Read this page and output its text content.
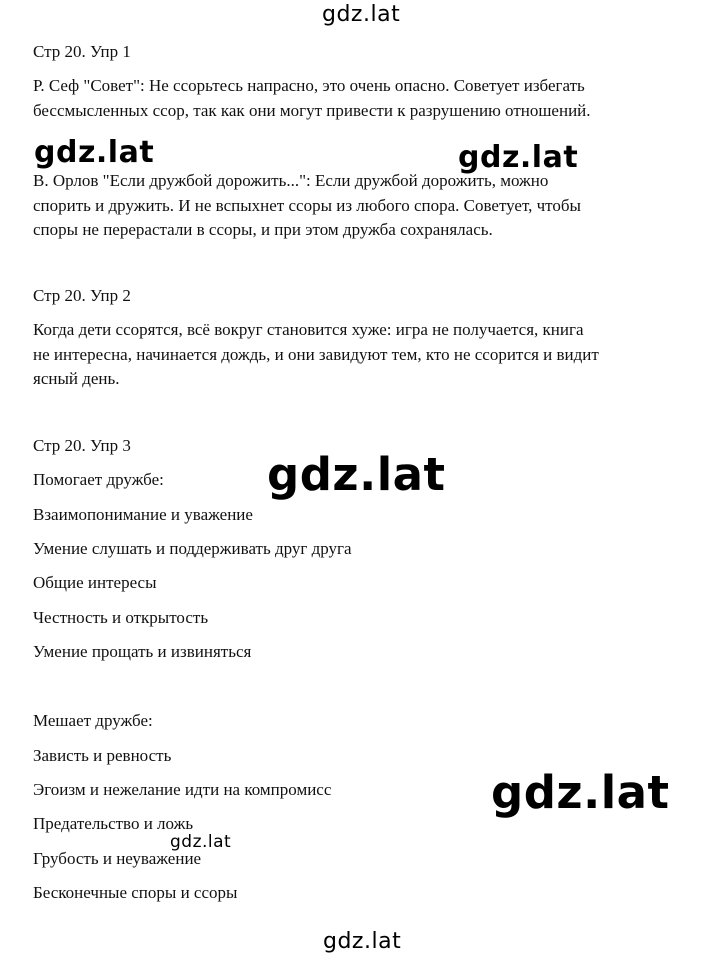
gdz.lat
Стр 20. Упр 1
Р. Сеф "Совет": Не ссорьтесь напрасно, это очень опасно. Советует избегать
бессмысленных ссор, так как они могут привести к разрушению отношений.
В. Орлов "Если дружбой дорожить...": Если дружбой дорожить, можно
спорить и дружить. И не вспыхнет ссоры из любого спора. Советует, чтобы
споры не перерастали в ссоры, и при этом дружба сохранялась.
gdz.lat	gdz.lat
Стр 20. Упр 2
Когда дети ссорятся, всё вокруг становится хуже: игра не получается, книга
не интересна, начинается дождь, и они завидуют тем, кто не ссорится и видит
ясный день.
Стр 20. Упр 3
Помогает дружбе:
Взаимопонимание и уважение
Умение слушать и поддерживать друг друга
Общие интересы
Честность и открытость
Умение прощать и извиняться
Мешает дружбе:
Зависть и ревность
Эгоизм и нежелание идти на компромисс
Предательство и ложь
Грубость и неуважение
Бесконечные споры и ссоры
gdz.lat
gdz.lat
gdz.lat
gdz.lat
